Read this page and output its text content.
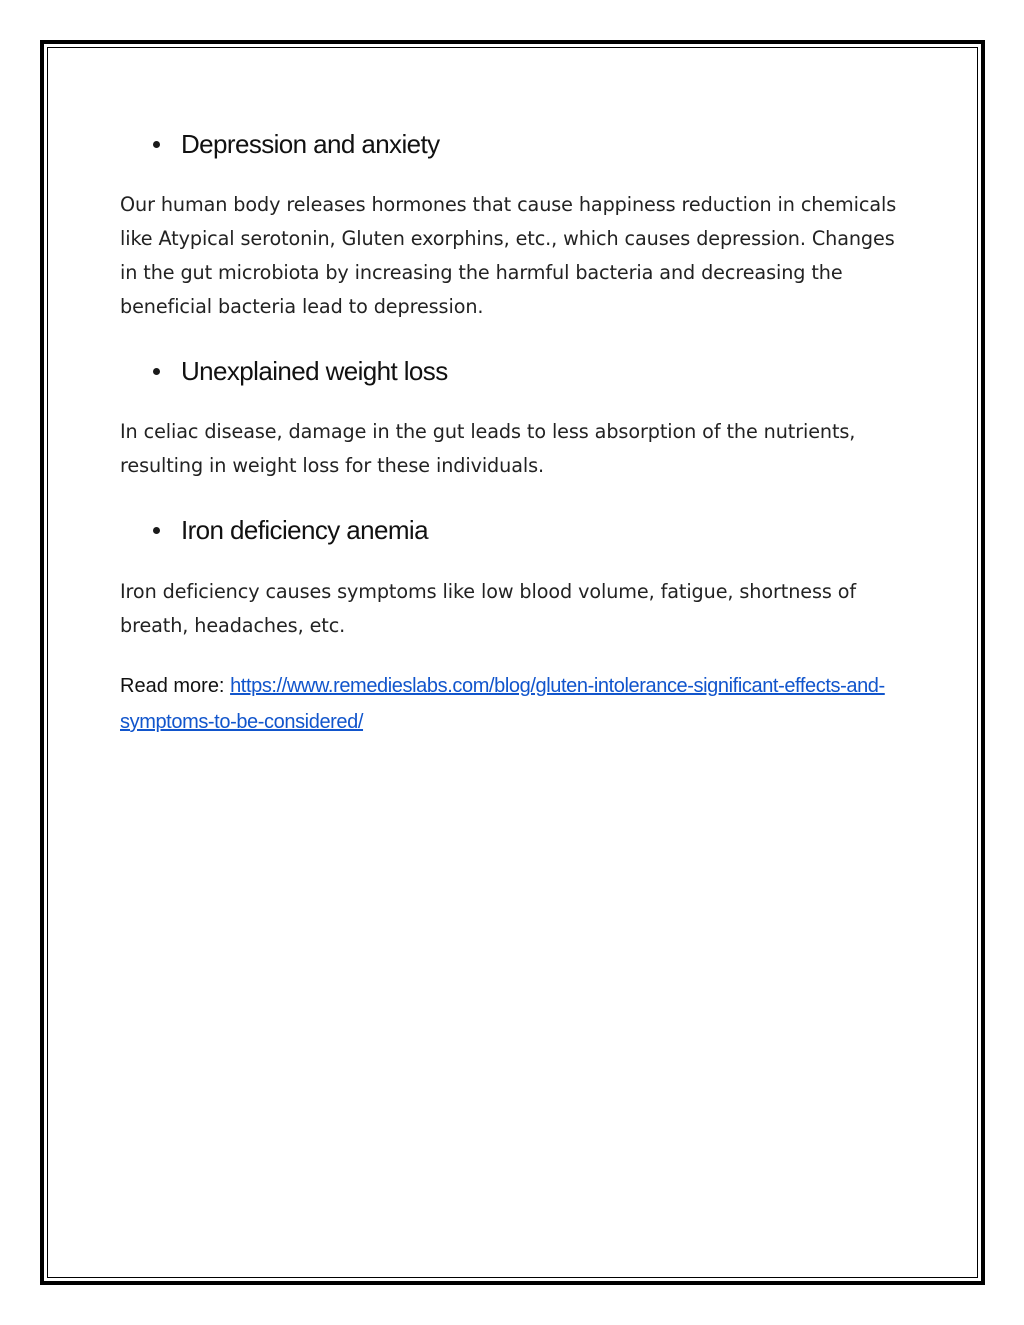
Depression and anxiety

Our human body releases hormones that cause happiness reduction in chemicals like Atypical serotonin, Gluten exorphins, etc., which causes depression. Changes in the gut microbiota by increasing the harmful bacteria and decreasing the beneficial bacteria lead to depression.

Unexplained weight loss

In celiac disease, damage in the gut leads to less absorption of the nutrients, resulting in weight loss for these individuals.

Iron deficiency anemia

Iron deficiency causes symptoms like low blood volume, fatigue, shortness of breath, headaches, etc.

Read more: https://www.remedieslabs.com/blog/gluten-intolerance-significant-effects-and-symptoms-to-be-considered/
